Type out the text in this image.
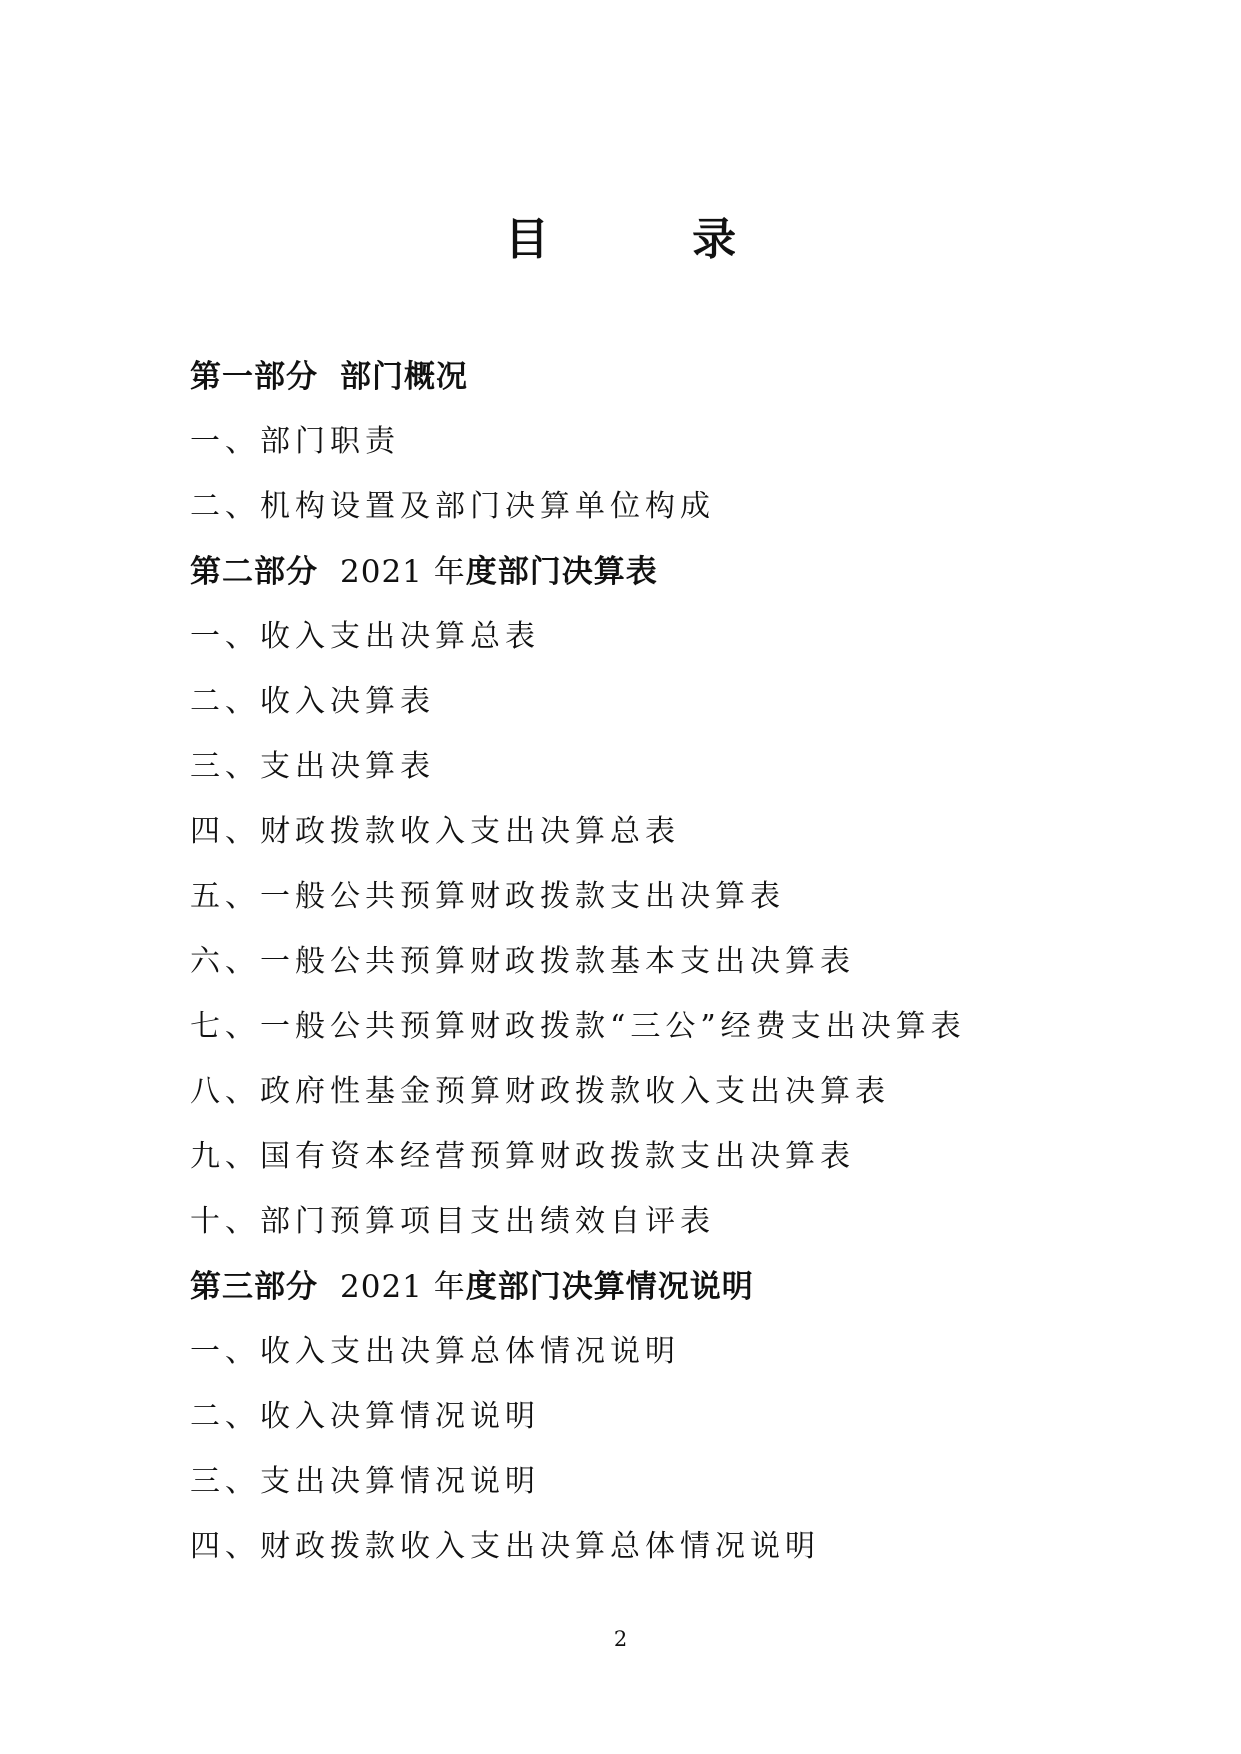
目 录
第一部分 部门概况
一、部门职责
二、机构设置及部门决算单位构成
第二部分 2021 年度部门决算表
一、收入支出决算总表
二、收入决算表
三、支出决算表
四、财政拨款收入支出决算总表
五、一般公共预算财政拨款支出决算表
六、一般公共预算财政拨款基本支出决算表
七、一般公共预算财政拨款“三公”经费支出决算表
八、政府性基金预算财政拨款收入支出决算表
九、国有资本经营预算财政拨款支出决算表
十、部门预算项目支出绩效自评表
第三部分 2021 年度部门决算情况说明
一、收入支出决算总体情况说明
二、收入决算情况说明
三、支出决算情况说明
四、财政拨款收入支出决算总体情况说明
2
